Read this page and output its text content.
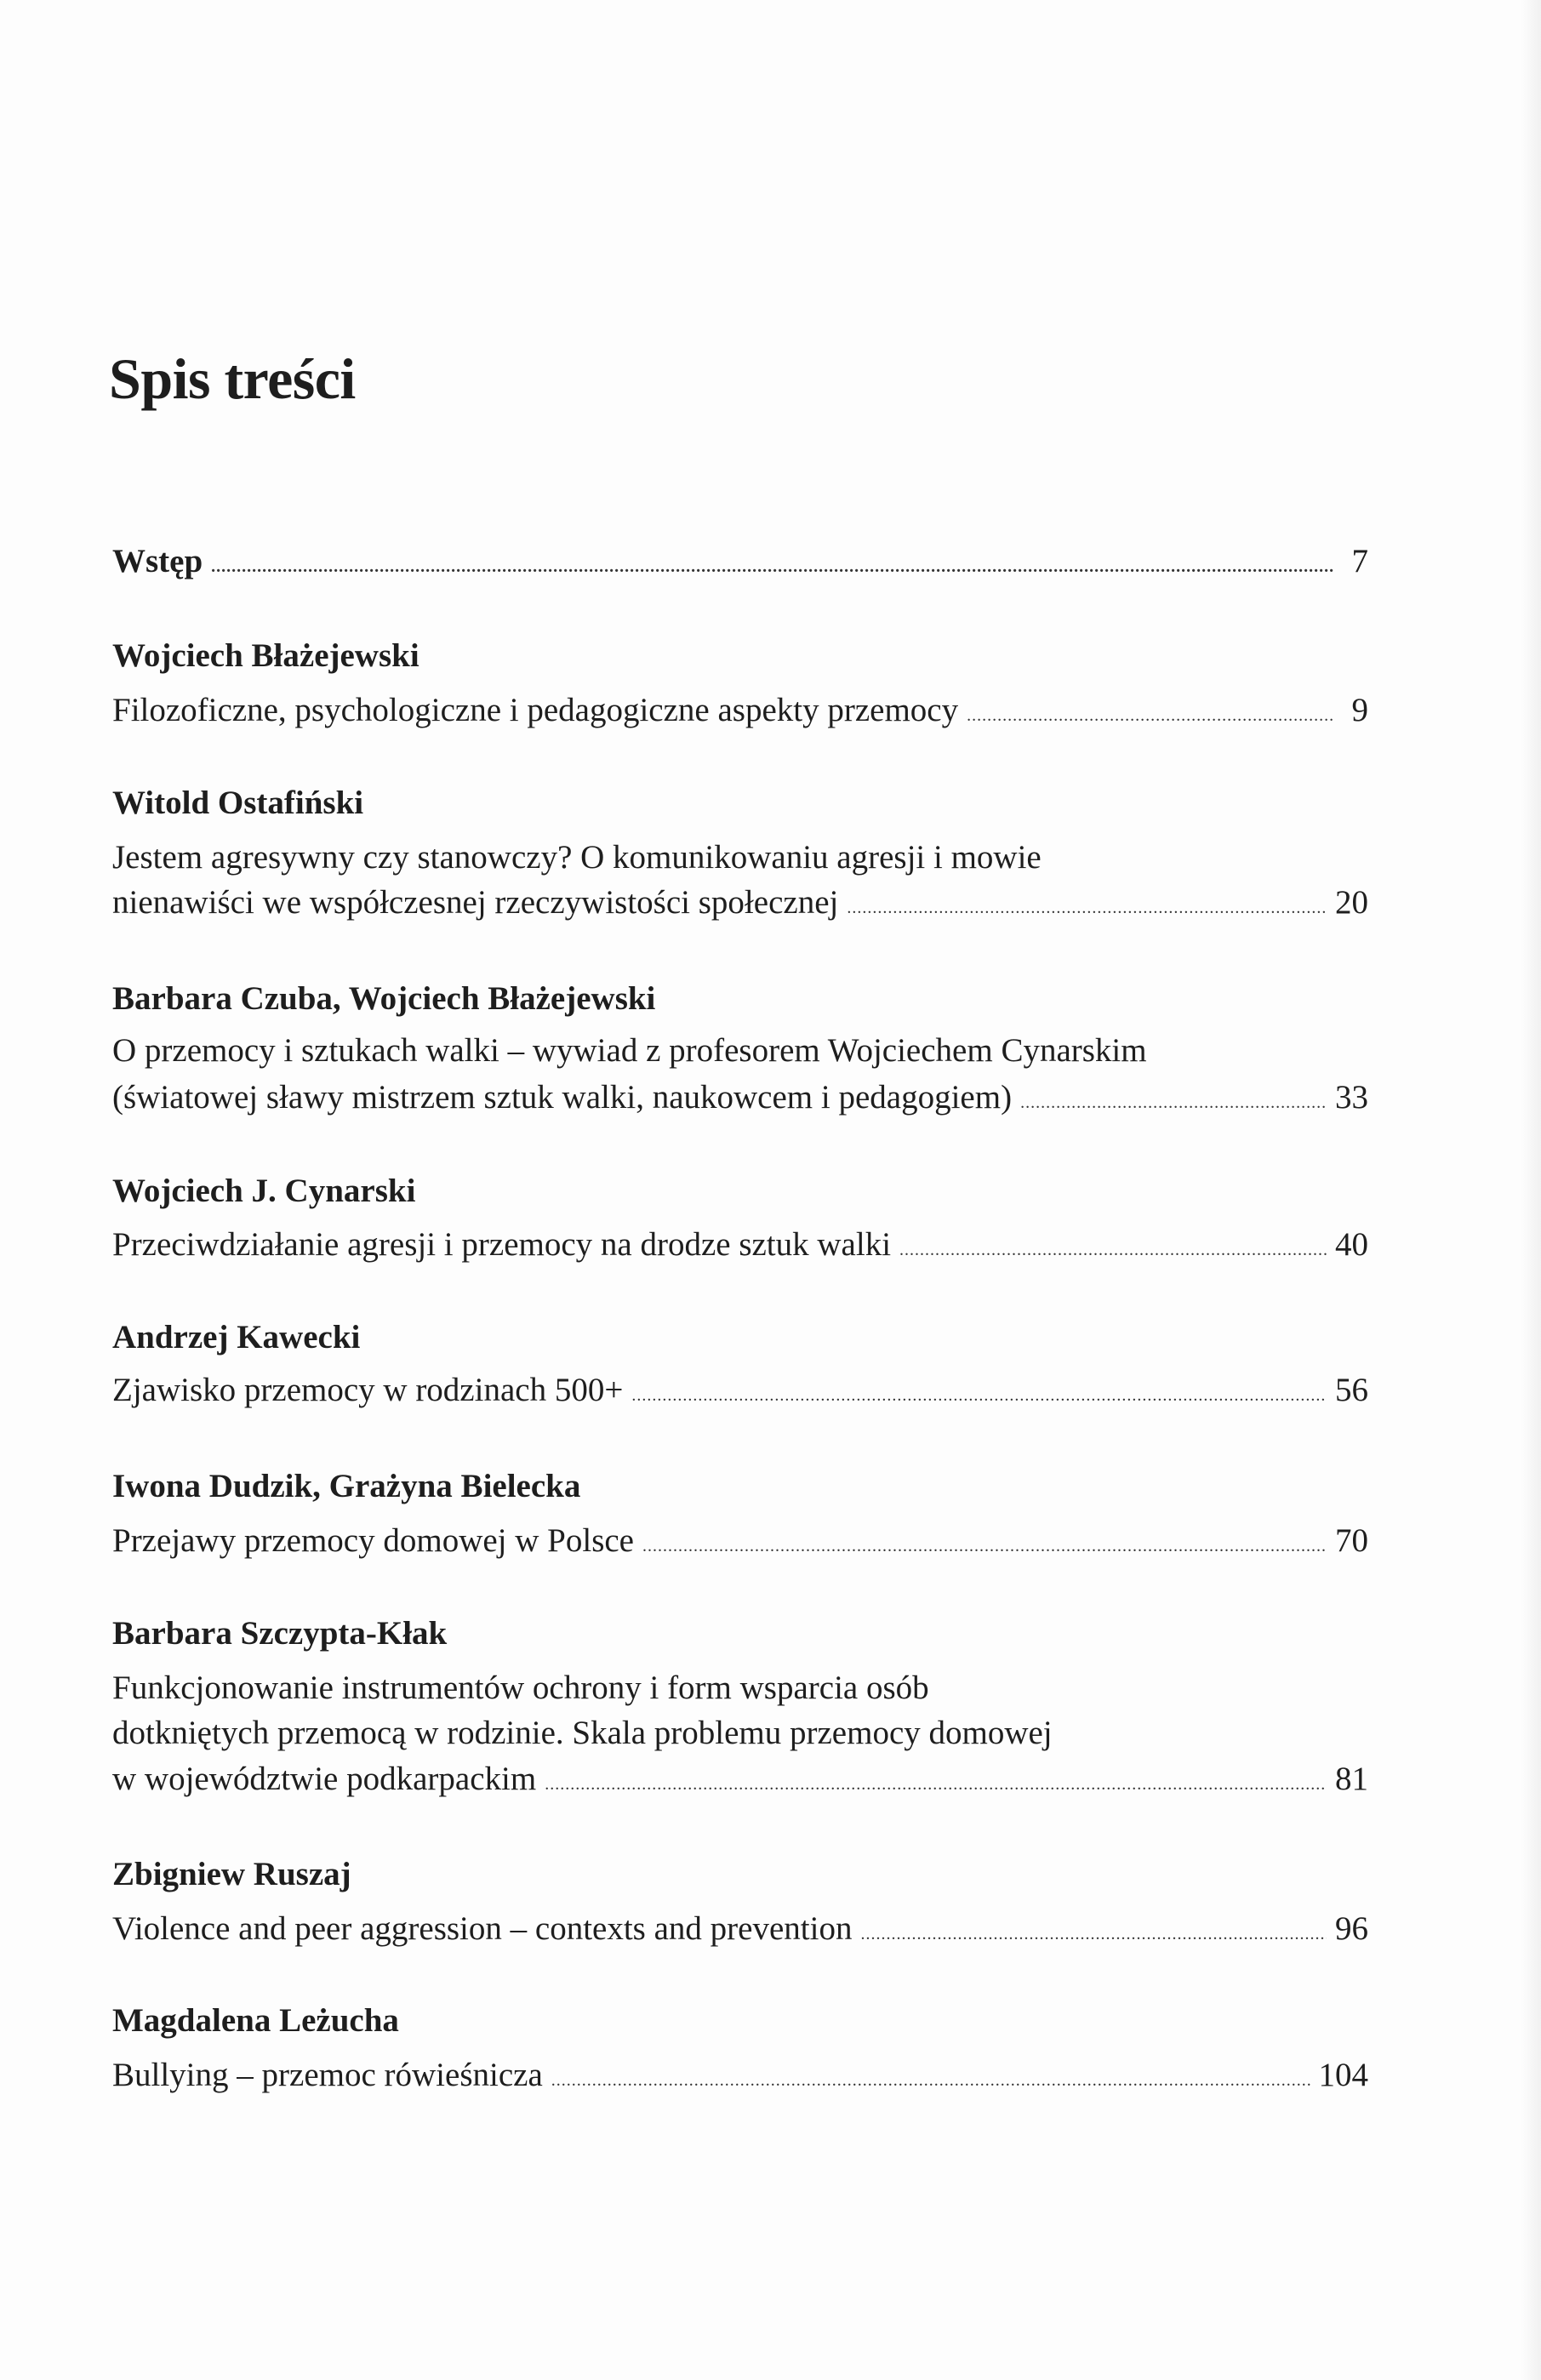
Spis treści
Wstęp .....	7
Wojciech Błażejewski
Filozoficzne, psychologiczne i pedagogiczne aspekty przemocy .....	9
Witold Ostafiński
Jestem agresywny czy stanowczy? O komunikowaniu agresji i mowie
nienawiści we współczesnej rzeczywistości społecznej .....	20
Barbara Czuba, Wojciech Błażejewski
O przemocy i sztukach walki – wywiad z profesorem Wojciechem Cynarskim
(światowej sławy mistrzem sztuk walki, naukowcem i pedagogiem) .....	33
Wojciech J. Cynarski
Przeciwdziałanie agresji i przemocy na drodze sztuk walki .....	40
Andrzej Kawecki
Zjawisko przemocy w rodzinach 500+ .....	56
Iwona Dudzik, Grażyna Bielecka
Przejawy przemocy domowej w Polsce .....	70
Barbara Szczypta-Kłak
Funkcjonowanie instrumentów ochrony i form wsparcia osób
dotkniętych przemocą w rodzinie. Skala problemu przemocy domowej
w województwie podkarpackim .....	81
Zbigniew Ruszaj
Violence and peer aggression – contexts and prevention .....	96
Magdalena Leżucha
Bullying – przemoc rówieśnicza .....	104
